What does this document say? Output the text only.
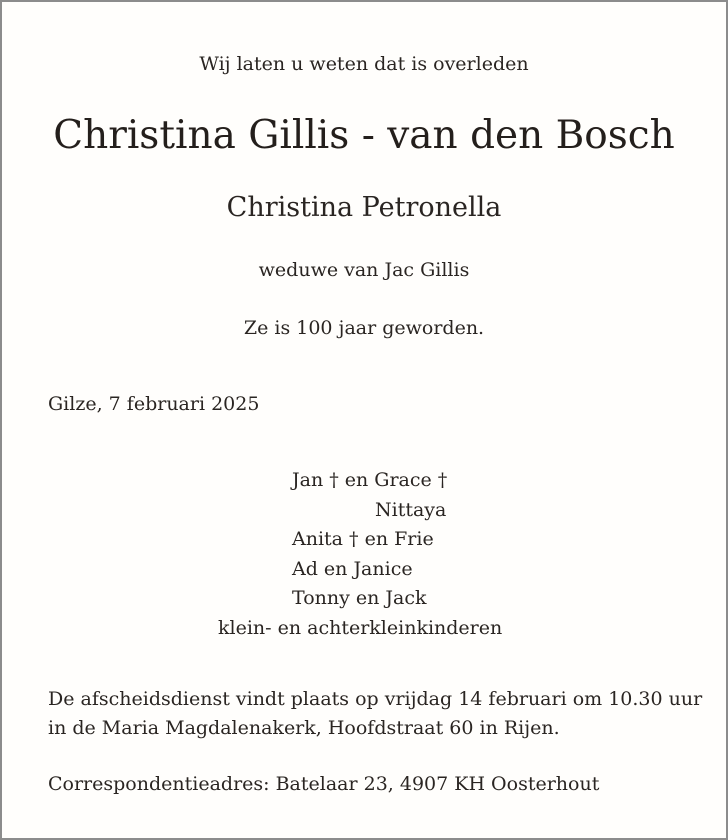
Wij laten u weten dat is overleden
Christina Gillis - van den Bosch
Christina Petronella
weduwe van Jac Gillis
Ze is 100 jaar geworden.
Gilze, 7 februari 2025
Jan † en Grace †
Nittaya
Anita † en Frie
Ad en Janice
Tonny en Jack
klein- en achterkleinkinderen
De afscheidsdienst vindt plaats op vrijdag 14 februari om 10.30 uur
in de Maria Magdalenakerk, Hoofdstraat 60 in Rijen.
Correspondentieadres: Batelaar 23, 4907 KH Oosterhout
